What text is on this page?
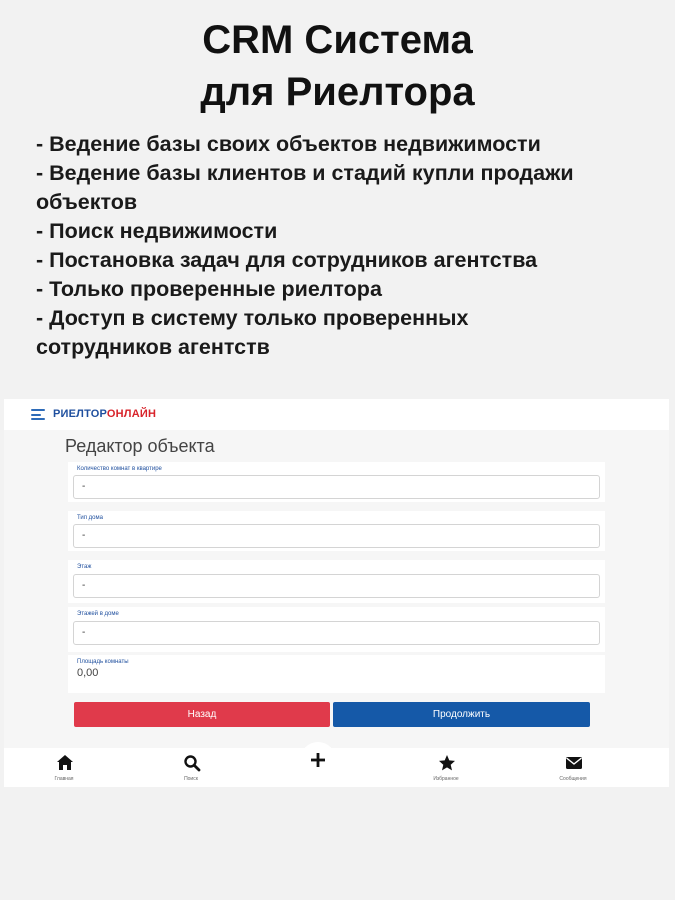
CRM Система
для Риелтора
- Ведение базы своих объектов недвижимости
- Ведение базы клиентов и стадий купли продажи
объектов
- Поиск недвижимости
- Постановка задач для сотрудников агентства
- Только проверенные риелтора
- Доступ в систему только проверенных
сотрудников агентств
РИЕЛТОРОНЛАЙН
Редактор объекта
Количество комнат в квартире
-
Тип дома
-
Этаж
-
Этажей в доме
-
Площадь комнаты
0,00
Назад	Продолжить
Главная	Поиск	Избранное	Сообщения
